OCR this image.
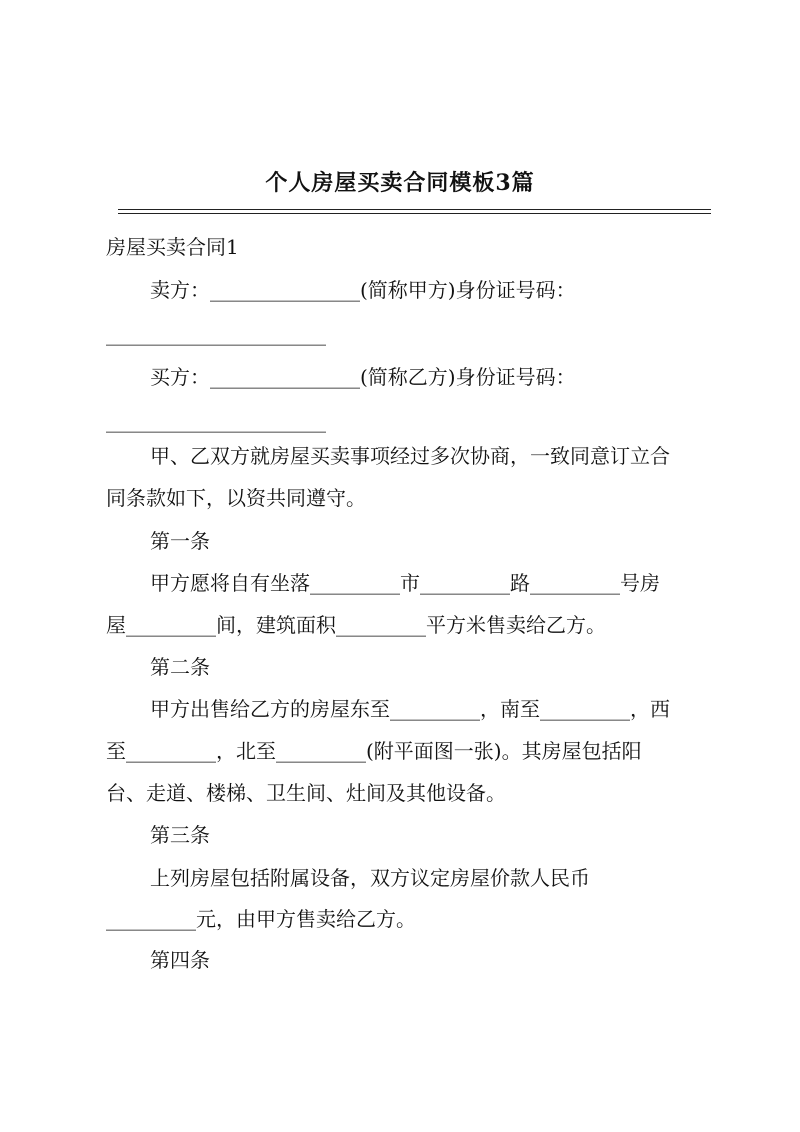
个人房屋买卖合同模板3篇
房屋买卖合同1
卖方：_______________(简称甲方)身份证号码：
______________________
买方：_______________(简称乙方)身份证号码：
______________________
甲、乙双方就房屋买卖事项经过多次协商，一致同意订立合
同条款如下，以资共同遵守。
第一条
甲方愿将自有坐落_________市_________路_________号房
屋_________间，建筑面积_________平方米售卖给乙方。
第二条
甲方出售给乙方的房屋东至_________，南至_________，西
至_________，北至_________(附平面图一张)。其房屋包括阳
台、走道、楼梯、卫生间、灶间及其他设备。
第三条
上列房屋包括附属设备，双方议定房屋价款人民币
_________元，由甲方售卖给乙方。
第四条
